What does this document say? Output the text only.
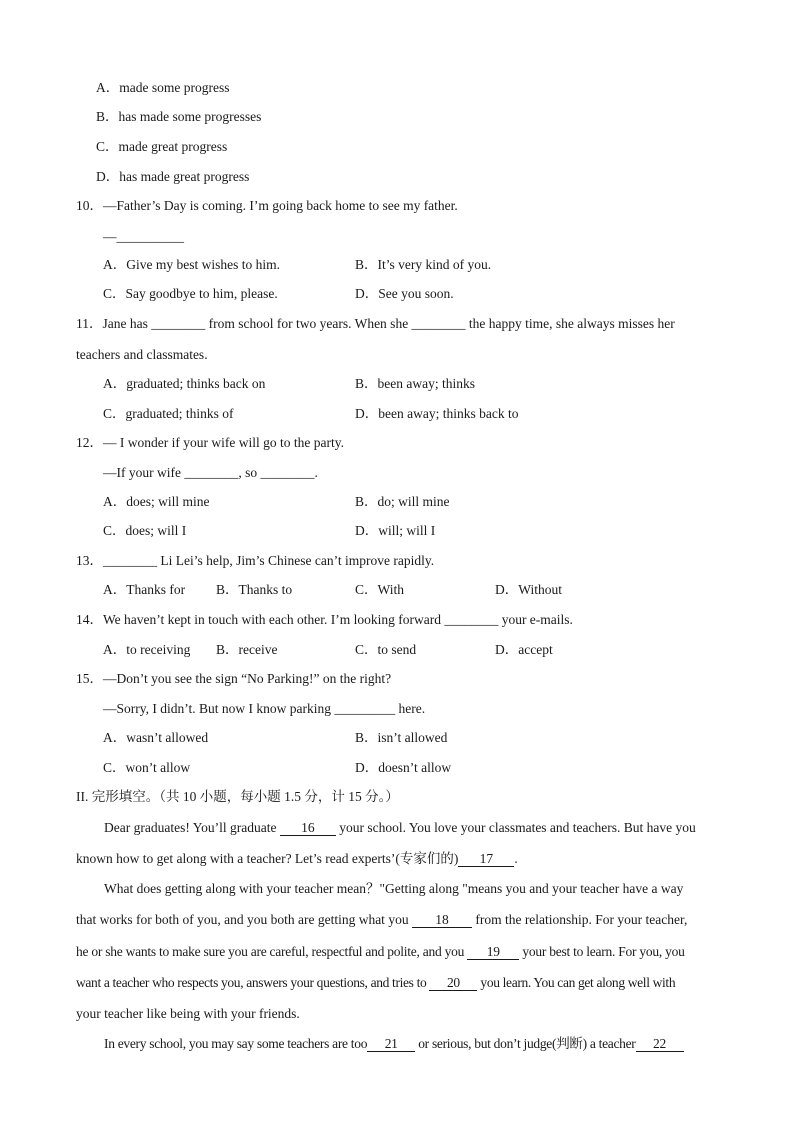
A．made some progress
B．has made some progresses
C．made great progress
D．has made great progress
10．—Father’s Day is coming. I’m going back home to see my father.
—__________
A．Give my best wishes to him.	B．It’s very kind of you.
C．Say goodbye to him, please.	D．See you soon.
11．Jane has ________ from school for two years. When she ________ the happy time, she always misses her
teachers and classmates.
A．graduated; thinks back on	B．been away; thinks
C．graduated; thinks of	D．been away; thinks back to
12．— I wonder if your wife will go to the party.
—If your wife ________, so ________.
A．does; will mine	B．do; will mine
C．does; will I	D．will; will I
13．________ Li Lei’s help, Jim’s Chinese can’t improve rapidly.
A．Thanks for B．Thanks to	C．With	D．Without
14．We haven’t kept in touch with each other. I’m looking forward ________ your e-mails.
A．to receiving B．receive	C．to send	D．accept
15．—Don’t you see the sign “No Parking!” on the right?
—Sorry, I didn’t. But now I know parking _________ here.
A．wasn’t allowed	B．isn’t allowed
C．won’t allow	D．doesn’t allow
II. 完形填空。（共 10 小题，每小题 1.5 分，计 15 分。）
Dear graduates! You’ll graduate 16 your school. You love your classmates and teachers. But have you
known how to get along with a teacher? Let’s read experts’(专家们的) 17 .
What does getting along with your teacher mean？"Getting along "means you and your teacher have a way
that works for both of you, and you both are getting what you 18 from the relationship. For your teacher,
he or she wants to make sure you are careful, respectful and polite, and you 19 your best to learn. For you, you
want a teacher who respects you, answers your questions, and tries to 20 you learn. You can get along well with
your teacher like being with your friends.
In every school, you may say some teachers are too 21 or serious, but don’t judge(判断) a teacher 22
